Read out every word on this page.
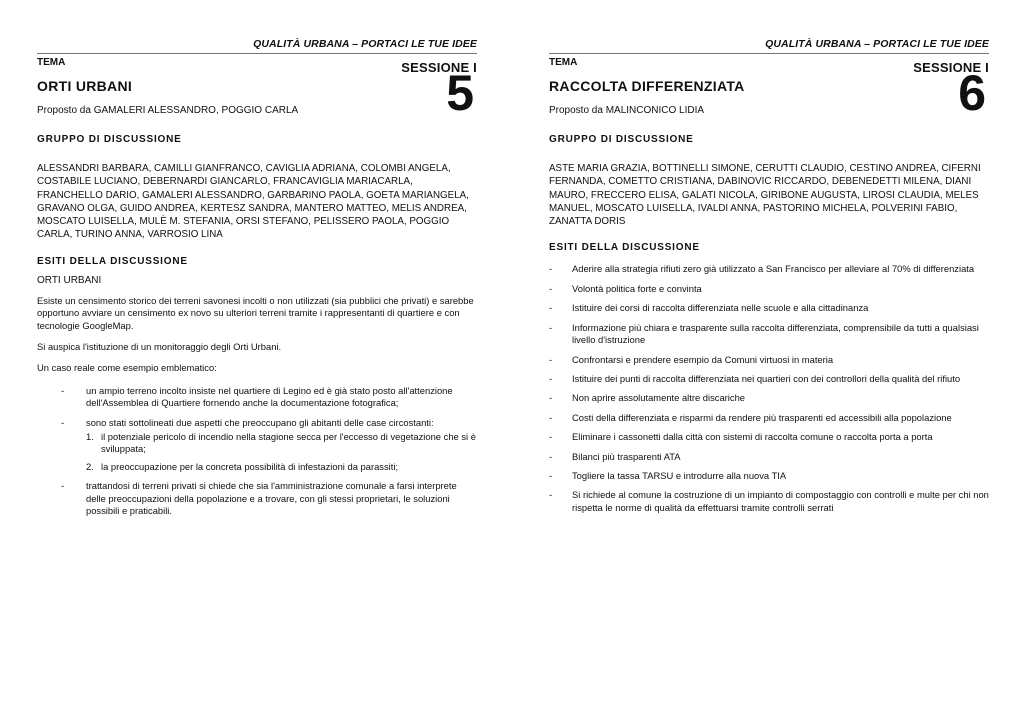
QUALITÀ URBANA – PORTACI LE TUE IDEE
TEMA	SESSIONE I
ORTI URBANI
Proposto da GAMALERI ALESSANDRO, POGGIO CARLA	5
GRUPPO DI DISCUSSIONE
ALESSANDRI BARBARA, CAMILLI GIANFRANCO, CAVIGLIA ADRIANA, COLOMBI ANGELA, COSTABILE LUCIANO, DEBERNARDI GIANCARLO, FRANCAVIGLIA MARIACARLA, FRANCHELLO DARIO, GAMALERI ALESSANDRO, GARBARINO PAOLA, GOETA MARIANGELA, GRAVANO OLGA, GUIDO ANDREA, KERTESZ SANDRA, MANTERO MATTEO, MELIS ANDREA, MOSCATO LUISELLA, MULÈ M. STEFANIA, ORSI STEFANO, PELISSERO PAOLA, POGGIO CARLA, TURINO ANNA, VARROSIO LINA
ESITI DELLA DISCUSSIONE
ORTI URBANI
Esiste un censimento storico dei terreni savonesi incolti o non utilizzati (sia pubblici che privati) e sarebbe opportuno avviare un censimento ex novo su ulteriori terreni tramite i rappresentanti di quartiere e con tecnologie GoogleMap.
Si auspica l'istituzione di un monitoraggio degli Orti Urbani.
Un caso reale come esempio emblematico:
- un ampio terreno incolto insiste nel quartiere di Legino ed è già stato posto all'attenzione dell'Assemblea di Quartiere fornendo anche la documentazione fotografica;
- sono stati sottolineati due aspetti che preoccupano gli abitanti delle case circostanti:
1. il potenziale pericolo di incendio nella stagione secca per l'eccesso di vegetazione che si è sviluppata;
2. la preoccupazione per la concreta possibilità di infestazioni da parassiti;
- trattandosi di terreni privati si chiede che sia l'amministrazione comunale a farsi interprete delle preoccupazioni della popolazione e a trovare, con gli stessi proprietari, le soluzioni possibili e praticabili.
QUALITÀ URBANA – PORTACI LE TUE IDEE
TEMA	SESSIONE I
RACCOLTA DIFFERENZIATA
Proposto da MALINCONICO LIDIA	6
GRUPPO DI DISCUSSIONE
ASTE MARIA GRAZIA, BOTTINELLI SIMONE, CERUTTI CLAUDIO, CESTINO ANDREA, CIFERNI FERNANDA, COMETTO CRISTIANA, DABINOVIC RICCARDO, DEBENEDETTI MILENA, DIANI MAURO, FRECCERO ELISA, GALATI NICOLA, GIRIBONE AUGUSTA, LIROSI CLAUDIA, MELES MANUEL, MOSCATO LUISELLA, IVALDI ANNA, PASTORINO MICHELA, POLVERINI FABIO, ZANATTA DORIS
ESITI DELLA DISCUSSIONE
- Aderire alla strategia rifiuti zero già utilizzato a San Francisco per alleviare al 70% di differenziata
- Volontà politica forte e convinta
- Istituire dei corsi di raccolta differenziata nelle scuole e alla cittadinanza
- Informazione più chiara e trasparente sulla raccolta differenziata, comprensibile da tutti a qualsiasi livello d'istruzione
- Confrontarsi e prendere esempio da Comuni virtuosi in materia
- Istituire dei punti di raccolta differenziata nei quartieri con dei controllori della qualità del rifiuto
- Non aprire assolutamente altre discariche
- Costi della differenziata e risparmi da rendere più trasparenti ed accessibili alla popolazione
- Eliminare i cassonetti dalla città con sistemi di raccolta comune o raccolta porta a porta
- Bilanci più trasparenti ATA
- Togliere la tassa TARSU e introdurre alla nuova TIA
- Si richiede al comune la costruzione di un impianto di compostaggio con controlli e multe per chi non rispetta le norme di qualità da effettuarsi tramite controlli serrati
